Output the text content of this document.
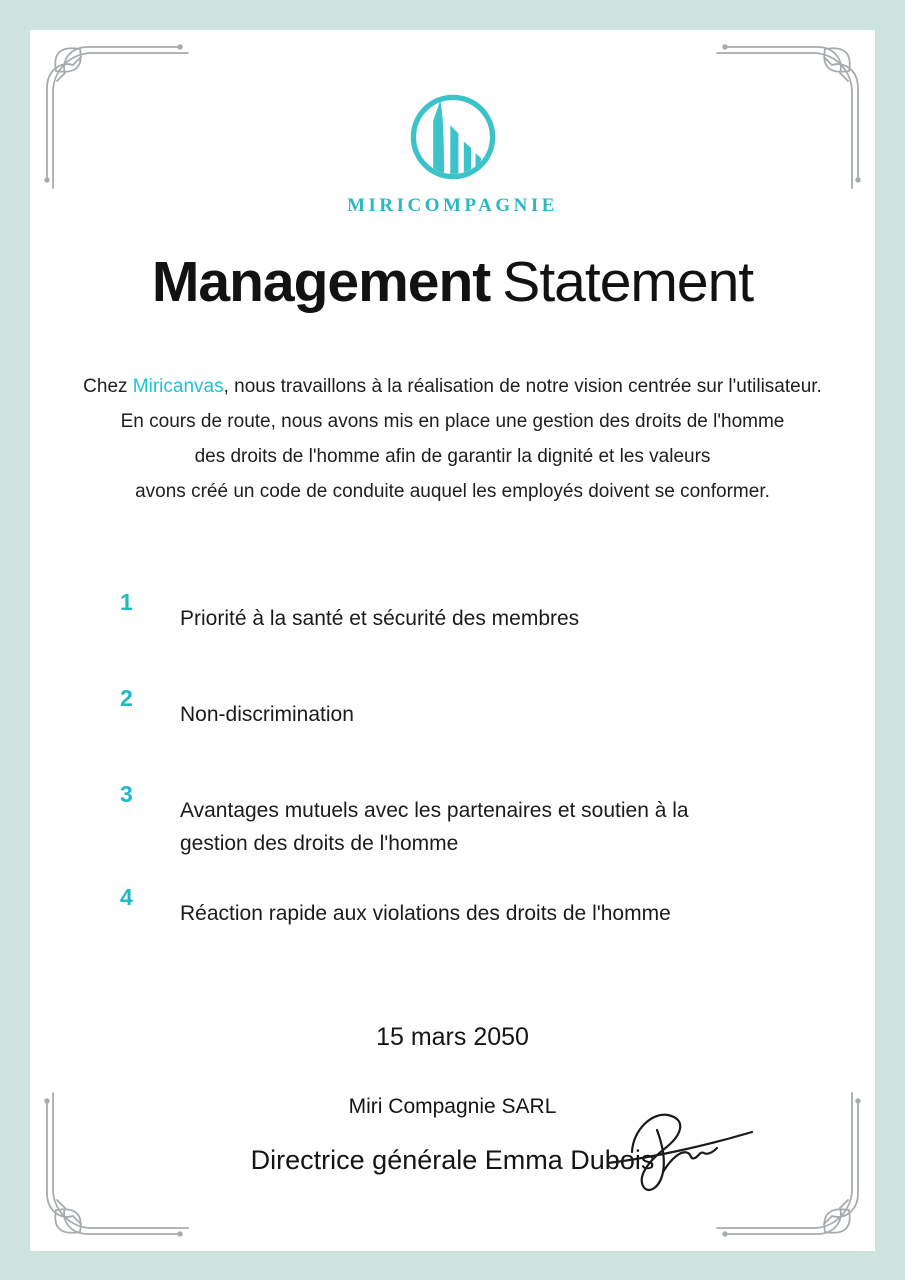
MIRICOMPAGNIE
Management Statement
Chez Miricanvas, nous travaillons à la réalisation de notre vision centrée sur l'utilisateur.
En cours de route, nous avons mis en place une gestion des droits de l'homme
des droits de l'homme afin de garantir la dignité et les valeurs
avons créé un code de conduite auquel les employés doivent se conformer.
1
Priorité à la santé et sécurité des membres
2
Non-discrimination
3
Avantages mutuels avec les partenaires et soutien à la gestion des droits de l'homme
4
Réaction rapide aux violations des droits de l'homme
15 mars 2050
Miri Compagnie SARL
Directrice générale Emma Dubois
